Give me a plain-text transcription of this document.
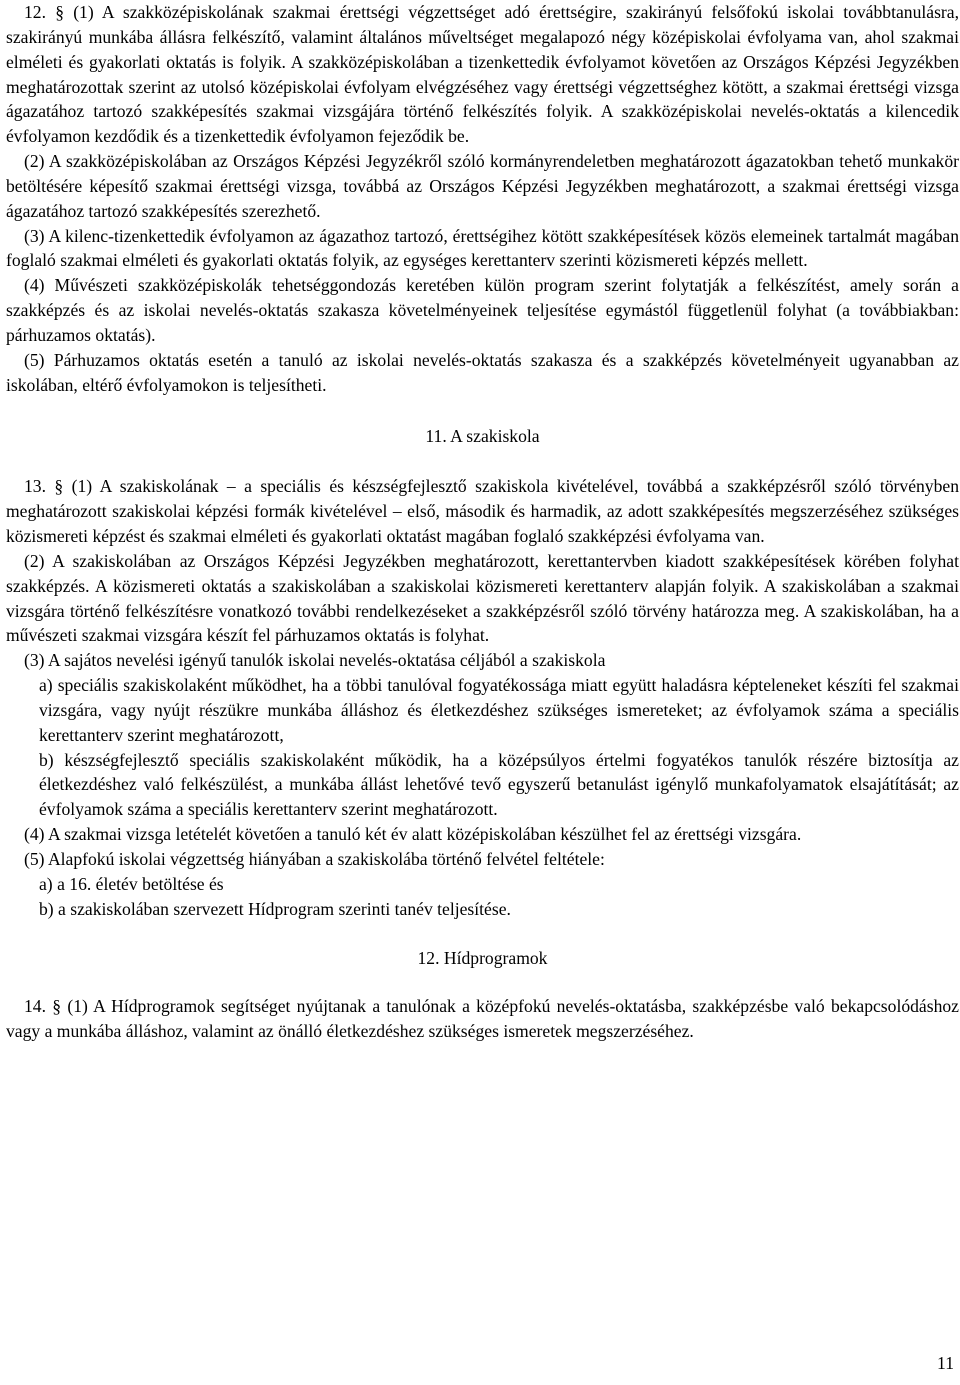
12. § (1) A szakközépiskolának szakmai érettségi végzettséget adó érettségire, szakirányú felsőfokú iskolai továbbtanulásra, szakirányú munkába állásra felkészítő, valamint általános műveltséget megalapozó négy középiskolai évfolyama van, ahol szakmai elméleti és gyakorlati oktatás is folyik. A szakközépiskolában a tizenkettedik évfolyamot követően az Országos Képzési Jegyzékben meghatározottak szerint az utolsó középiskolai évfolyam elvégzéséhez vagy érettségi végzettséghez kötött, a szakmai érettségi vizsga ágazatához tartozó szakképesítés szakmai vizsgájára történő felkészítés folyik. A szakközépiskolai nevelés-oktatás a kilencedik évfolyamon kezdődik és a tizenkettedik évfolyamon fejeződik be.

(2) A szakközépiskolában az Országos Képzési Jegyzékről szóló kormányrendeletben meghatározott ágazatokban tehető munkakör betöltésére képesítő szakmai érettségi vizsga, továbbá az Országos Képzési Jegyzékben meghatározott, a szakmai érettségi vizsga ágazatához tartozó szakképesítés szerezhető.

(3) A kilenc-tizenkettedik évfolyamon az ágazathoz tartozó, érettségihez kötött szakképesítések közös elemeinek tartalmát magában foglaló szakmai elméleti és gyakorlati oktatás folyik, az egységes kerettanterv szerinti közismereti képzés mellett.

(4) Művészeti szakközépiskolák tehetséggondozás keretében külön program szerint folytatják a felkészítést, amely során a szakképzés és az iskolai nevelés-oktatás szakasza követelményeinek teljesítése egymástól függetlenül folyhat (a továbbiakban: párhuzamos oktatás).

(5) Párhuzamos oktatás esetén a tanuló az iskolai nevelés-oktatás szakasza és a szakképzés követelményeit ugyanabban az iskolában, eltérő évfolyamokon is teljesítheti.

11. A szakiskola

13. § (1) A szakiskolának – a speciális és készségfejlesztő szakiskola kivételével, továbbá a szakképzésről szóló törvényben meghatározott szakiskolai képzési formák kivételével – első, második és harmadik, az adott szakképesítés megszerzéséhez szükséges közismereti képzést és szakmai elméleti és gyakorlati oktatást magában foglaló szakképzési évfolyama van.

(2) A szakiskolában az Országos Képzési Jegyzékben meghatározott, kerettantervben kiadott szakképesítések körében folyhat szakképzés. A közismereti oktatás a szakiskolában a szakiskolai közismereti kerettanterv alapján folyik. A szakiskolában a szakmai vizsgára történő felkészítésre vonatkozó további rendelkezéseket a szakképzésről szóló törvény határozza meg. A szakiskolában, ha a művészeti szakmai vizsgára készít fel párhuzamos oktatás is folyhat.

(3) A sajátos nevelési igényű tanulók iskolai nevelés-oktatása céljából a szakiskola

a) speciális szakiskolaként működhet, ha a többi tanulóval fogyatékossága miatt együtt haladásra képteleneket készíti fel szakmai vizsgára, vagy nyújt részükre munkába álláshoz és életkezdéshez szükséges ismereteket; az évfolyamok száma a speciális kerettanterv szerint meghatározott,

b) készségfejlesztő speciális szakiskolaként működik, ha a középsúlyos értelmi fogyatékos tanulók részére biztosítja az életkezdéshez való felkészülést, a munkába állást lehetővé tevő egyszerű betanulást igénylő munkafolyamatok elsajátítását; az évfolyamok száma a speciális kerettanterv szerint meghatározott.

(4) A szakmai vizsga letételét követően a tanuló két év alatt középiskolában készülhet fel az érettségi vizsgára.

(5) Alapfokú iskolai végzettség hiányában a szakiskolába történő felvétel feltétele:

a) a 16. életév betöltése és

b) a szakiskolában szervezett Hídprogram szerinti tanév teljesítése.

12. Hídprogramok

14. § (1) A Hídprogramok segítséget nyújtanak a tanulónak a középfokú nevelés-oktatásba, szakképzésbe való bekapcsolódáshoz vagy a munkába álláshoz, valamint az önálló életkezdéshez szükséges ismeretek megszerzéséhez.

11
